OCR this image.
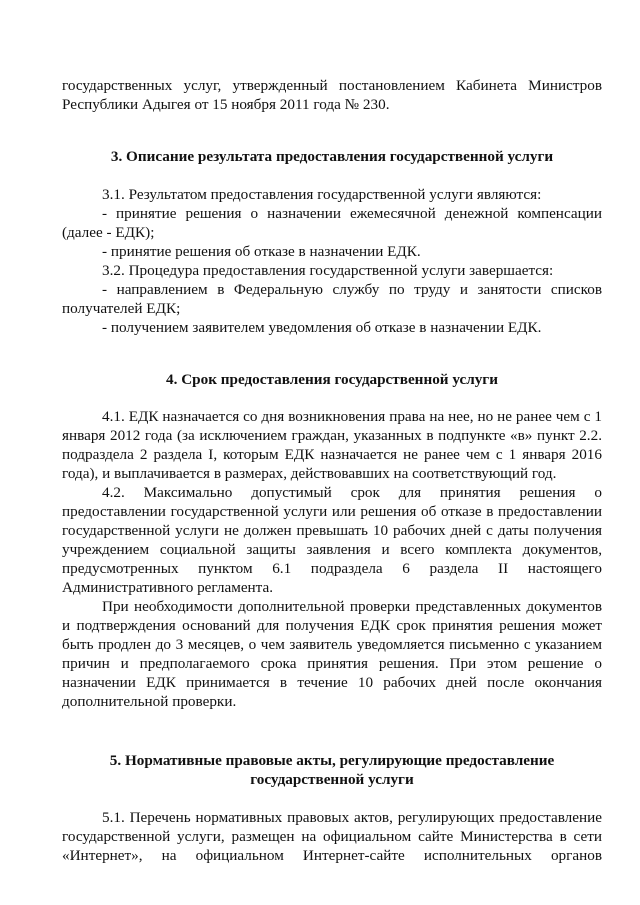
государственных услуг, утвержденный постановлением Кабинета Министров Республики Адыгея от 15 ноября 2011 года № 230.

3. Описание результата предоставления государственной услуги

3.1. Результатом предоставления государственной услуги являются:

- принятие решения о назначении ежемесячной денежной компенсации (далее - ЕДК);

- принятие решения об отказе в назначении ЕДК.

3.2. Процедура предоставления государственной услуги завершается:

- направлением в Федеральную службу по труду и занятости списков получателей ЕДК;

- получением заявителем уведомления об отказе в назначении ЕДК.

4. Срок предоставления государственной услуги

4.1. ЕДК назначается со дня возникновения права на нее, но не ранее чем с 1 января 2012 года (за исключением граждан, указанных в подпункте «в» пункт 2.2. подраздела 2 раздела I, которым ЕДК назначается не ранее чем с 1 января 2016 года), и выплачивается в размерах, действовавших на соответствующий год.

4.2. Максимально допустимый срок для принятия решения о предоставлении государственной услуги или решения об отказе в предоставлении государственной услуги не должен превышать 10 рабочих дней с даты получения учреждением социальной защиты заявления и всего комплекта документов, предусмотренных пунктом 6.1 подраздела 6 раздела II настоящего Административного регламента.

При необходимости дополнительной проверки представленных документов и подтверждения оснований для получения ЕДК срок принятия решения может быть продлен до 3 месяцев, о чем заявитель уведомляется письменно с указанием причин и предполагаемого срока принятия решения. При этом решение о назначении ЕДК принимается в течение 10 рабочих дней после окончания дополнительной проверки.

5. Нормативные правовые акты, регулирующие предоставление
государственной услуги

5.1. Перечень нормативных правовых актов, регулирующих предоставление государственной услуги, размещен на официальном сайте Министерства в сети «Интернет», на официальном Интернет-сайте исполнительных органов
